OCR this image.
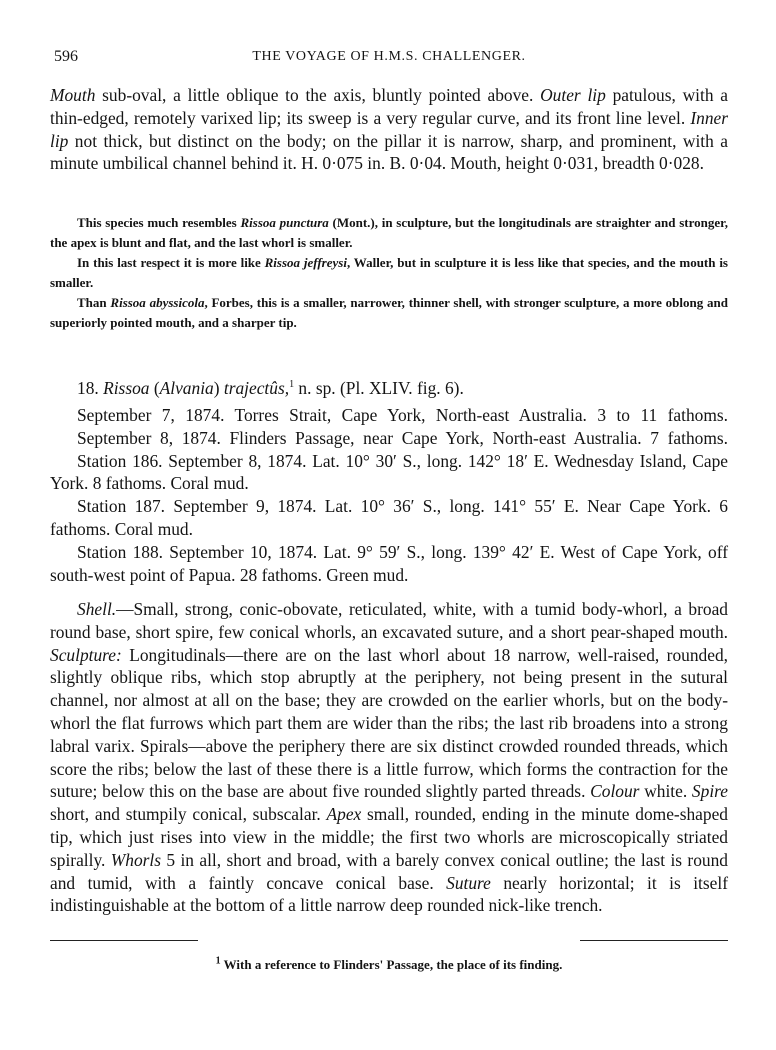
596	THE VOYAGE OF H.M.S. CHALLENGER.

Mouth sub-oval, a little oblique to the axis, bluntly pointed above. Outer lip patulous, with a thin-edged, remotely varixed lip; its sweep is a very regular curve, and its front line level. Inner lip not thick, but distinct on the body; on the pillar it is narrow, sharp, and prominent, with a minute umbilical channel behind it. H. 0·075 in. B. 0·04. Mouth, height 0·031, breadth 0·028.

This species much resembles Rissoa punctura (Mont.), in sculpture, but the longitudinals are straighter and stronger, the apex is blunt and flat, and the last whorl is smaller.

In this last respect it is more like Rissoa jeffreysi, Waller, but in sculpture it is less like that species, and the mouth is smaller.

Than Rissoa abyssicola, Forbes, this is a smaller, narrower, thinner shell, with stronger sculpture, a more oblong and superiorly pointed mouth, and a sharper tip.

18. Rissoa (Alvania) trajectûs,$^1$ n. sp. (Pl. XLIV. fig. 6).

September 7, 1874. Torres Strait, Cape York, North-east Australia. 3 to 11 fathoms.

September 8, 1874. Flinders Passage, near Cape York, North-east Australia. 7 fathoms.

Station 186. September 8, 1874. Lat. 10° 30′ S., long. 142° 18′ E. Wednesday Island, Cape York. 8 fathoms. Coral mud.

Station 187. September 9, 1874. Lat. 10° 36′ S., long. 141° 55′ E. Near Cape York. 6 fathoms. Coral mud.

Station 188. September 10, 1874. Lat. 9° 59′ S., long. 139° 42′ E. West of Cape York, off south-west point of Papua. 28 fathoms. Green mud.

Shell.—Small, strong, conic-obovate, reticulated, white, with a tumid body-whorl, a broad round base, short spire, few conical whorls, an excavated suture, and a short pear-shaped mouth. Sculpture: Longitudinals—there are on the last whorl about 18 narrow, well-raised, rounded, slightly oblique ribs, which stop abruptly at the periphery, not being present in the sutural channel, nor almost at all on the base; they are crowded on the earlier whorls, but on the body-whorl the flat furrows which part them are wider than the ribs; the last rib broadens into a strong labral varix. Spirals—above the periphery there are six distinct crowded rounded threads, which score the ribs; below the last of these there is a little furrow, which forms the contraction for the suture; below this on the base are about five rounded slightly parted threads. Colour white. Spire short, and stumpily conical, subscalar. Apex small, rounded, ending in the minute dome-shaped tip, which just rises into view in the middle; the first two whorls are microscopically striated spirally. Whorls 5 in all, short and broad, with a barely convex conical outline; the last is round and tumid, with a faintly concave conical base. Suture nearly horizontal; it is itself indistinguishable at the bottom of a little narrow deep rounded nick-like trench.

$^1$ With a reference to Flinders' Passage, the place of its finding.
